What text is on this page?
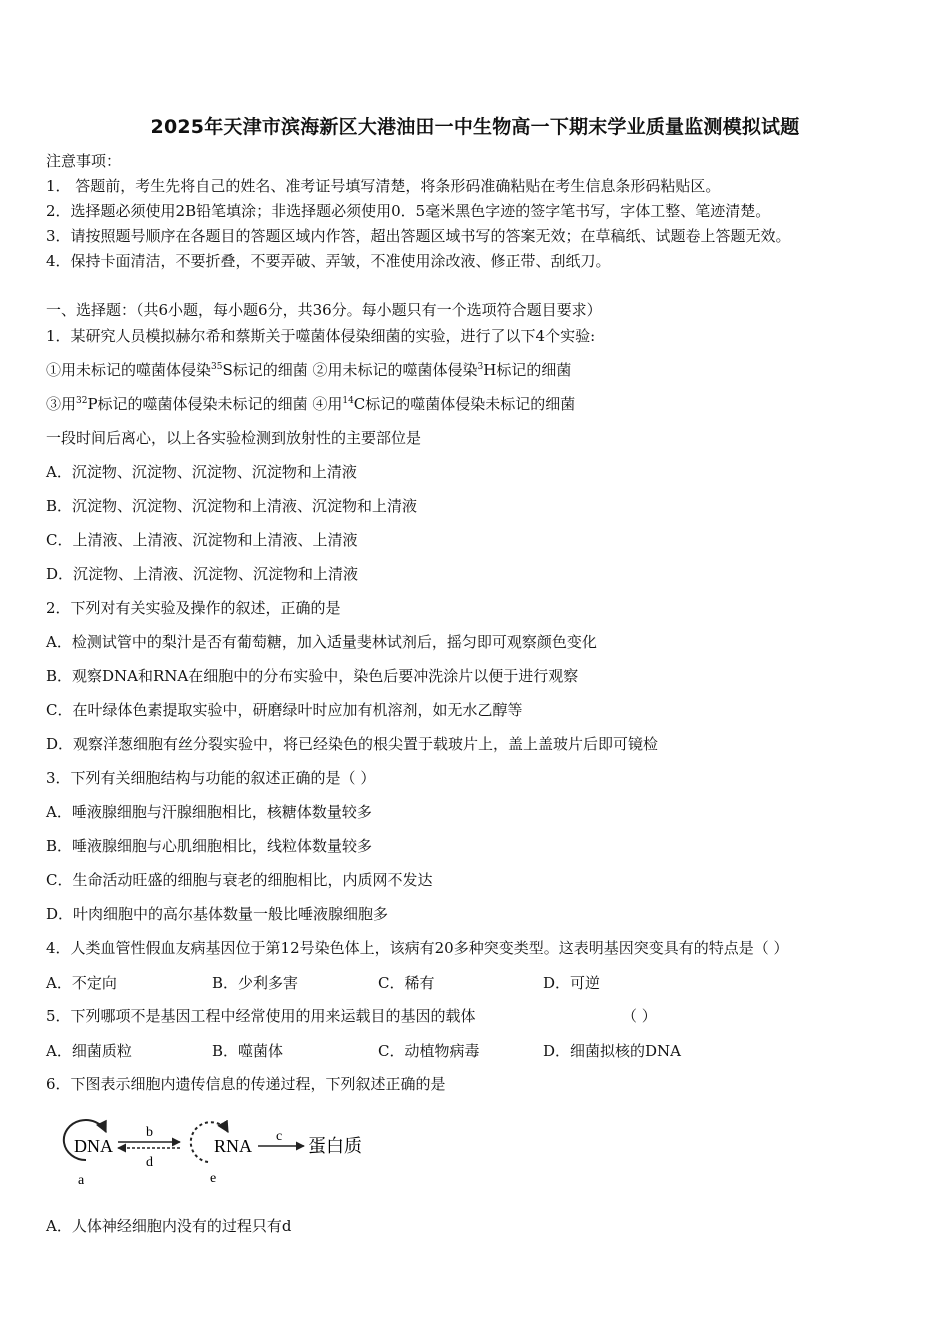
2025年天津市滨海新区大港油田一中生物高一下期末学业质量监测模拟试题
注意事项：
1． 答题前，考生先将自己的姓名、准考证号填写清楚，将条形码准确粘贴在考生信息条形码粘贴区。
2．选择题必须使用2B铅笔填涂；非选择题必须使用0．5毫米黑色字迹的签字笔书写，字体工整、笔迹清楚。
3．请按照题号顺序在各题目的答题区域内作答，超出答题区域书写的答案无效；在草稿纸、试题卷上答题无效。
4．保持卡面清洁，不要折叠，不要弄破、弄皱，不准使用涂改液、修正带、刮纸刀。
一、选择题：（共6小题，每小题6分，共36分。每小题只有一个选项符合题目要求）
1．某研究人员模拟赫尔希和蔡斯关于噬菌体侵染细菌的实验，进行了以下4个实验:
①用未标记的噬菌体侵染$^{35}$S标记的细菌 ②用未标记的噬菌体侵染$^3$H标记的细菌
③用$^{32}$P标记的噬菌体侵染未标记的细菌 ④用$^{14}$C标记的噬菌体侵染未标记的细菌
一段时间后离心，以上各实验检测到放射性的主要部位是
A．沉淀物、沉淀物、沉淀物、沉淀物和上清液
B．沉淀物、沉淀物、沉淀物和上清液、沉淀物和上清液
C．上清液、上清液、沉淀物和上清液、上清液
D．沉淀物、上清液、沉淀物、沉淀物和上清液
2．下列对有关实验及操作的叙述，正确的是
A．检测试管中的梨汁是否有葡萄糖，加入适量斐林试剂后，摇匀即可观察颜色变化
B．观察DNA和RNA在细胞中的分布实验中，染色后要冲洗涂片以便于进行观察
C．在叶绿体色素提取实验中，研磨绿叶时应加有机溶剂，如无水乙醇等
D．观察洋葱细胞有丝分裂实验中，将已经染色的根尖置于载玻片上，盖上盖玻片后即可镜检
3．下列有关细胞结构与功能的叙述正确的是（ ）
A．唾液腺细胞与汗腺细胞相比，核糖体数量较多
B．唾液腺细胞与心肌细胞相比，线粒体数量较多
C．生命活动旺盛的细胞与衰老的细胞相比，内质网不发达
D．叶肉细胞中的高尔基体数量一般比唾液腺细胞多
4．人类血管性假血友病基因位于第12号染色体上，该病有20多种突变类型。这表明基因突变具有的特点是（ ）
A．不定向	B．少利多害	C．稀有	D．可逆
5．下列哪项不是基因工程中经常使用的用来运载目的基因的载体	（ ）
A．细菌质粒	B．噬菌体	C．动植物病毒	D．细菌拟核的DNA
6．下图表示细胞内遗传信息的传递过程，下列叙述正确的是
DNA
a
b
d
RNA
e
c 蛋白质
A．人体神经细胞内没有的过程只有d
